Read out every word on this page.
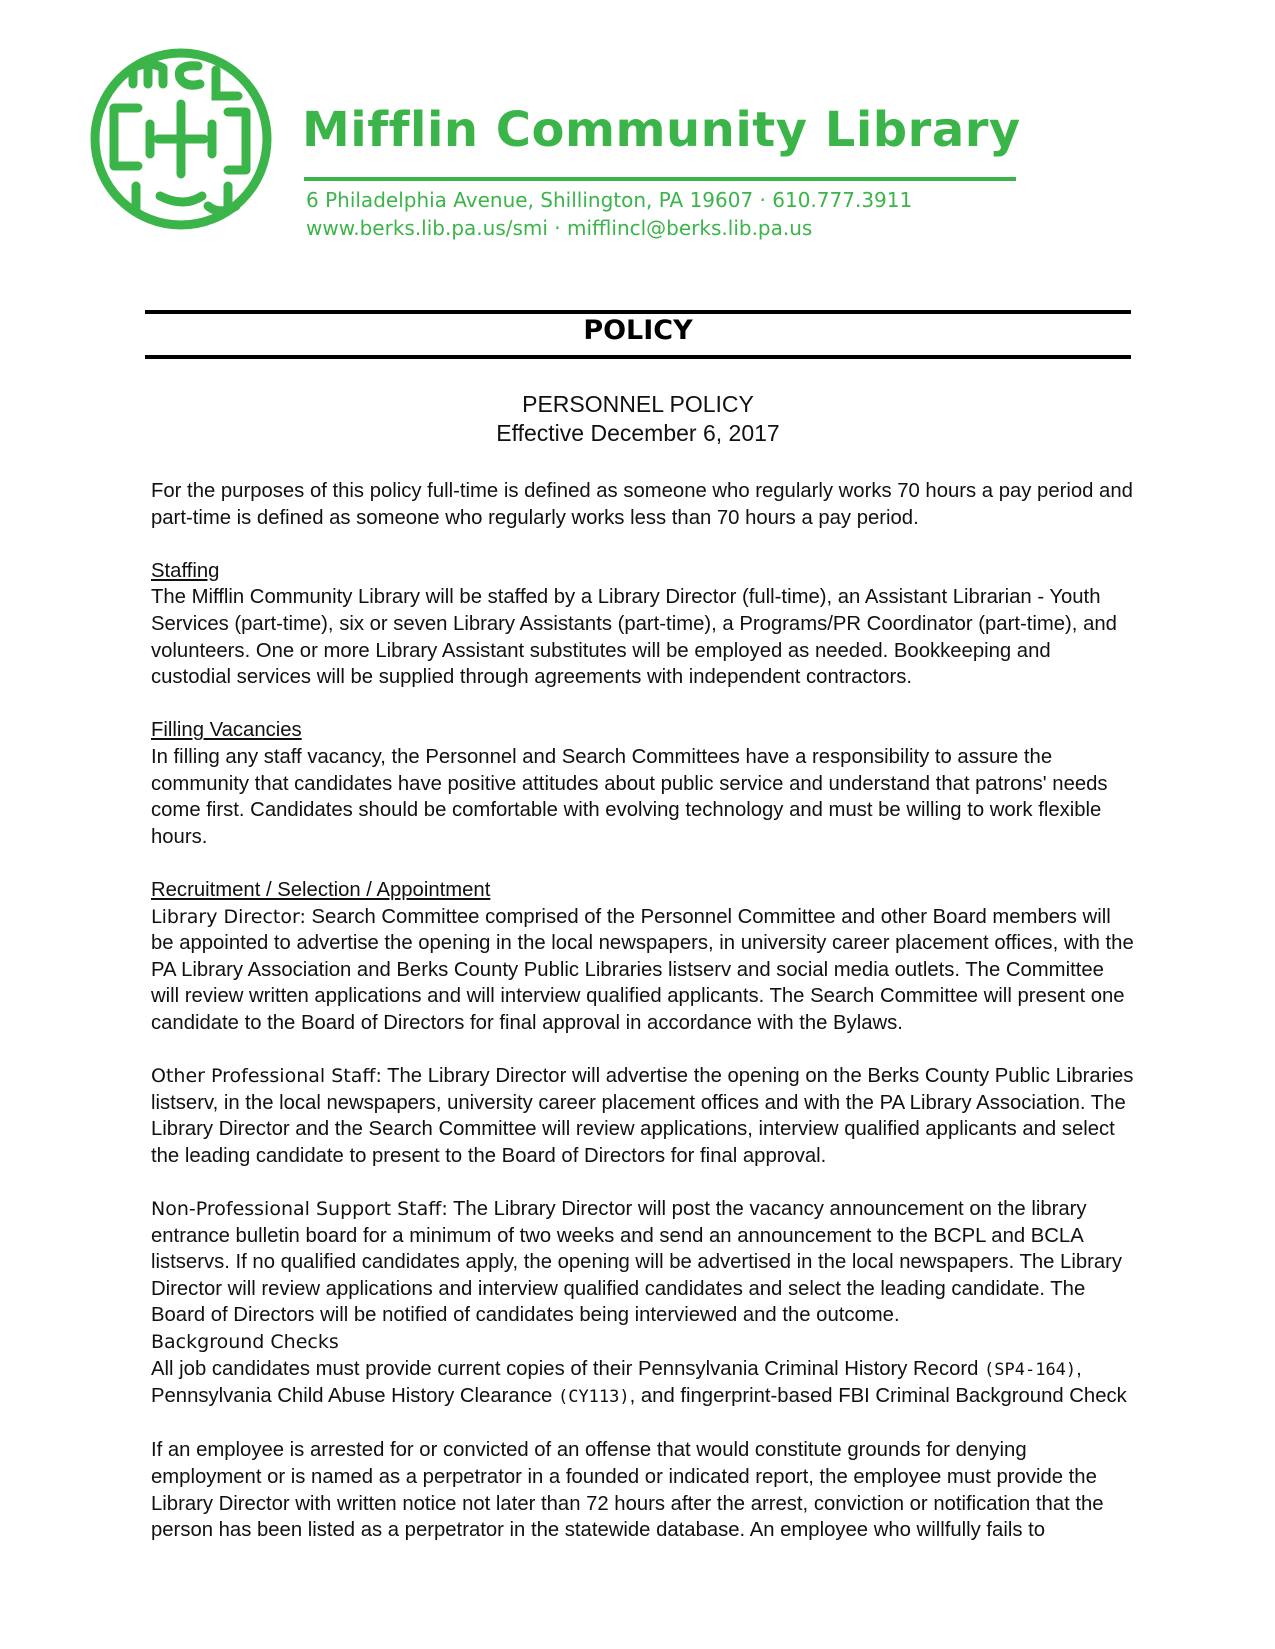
Mifflin Community Library
6 Philadelphia Avenue, Shillington, PA 19607 · 610.777.3911
www.berks.lib.pa.us/smi · mifflincl@berks.lib.pa.us
POLICY
PERSONNEL POLICY
Effective December 6, 2017

For the purposes of this policy full-time is defined as someone who regularly works 70 hours a pay period and part-time is defined as someone who regularly works less than 70 hours a pay period.

Staffing
The Mifflin Community Library will be staffed by a Library Director (full-time), an Assistant Librarian - Youth Services (part-time), six or seven Library Assistants (part-time), a Programs/PR Coordinator (part-time), and volunteers. One or more Library Assistant substitutes will be employed as needed. Bookkeeping and custodial services will be supplied through agreements with independent contractors.

Filling Vacancies
In filling any staff vacancy, the Personnel and Search Committees have a responsibility to assure the community that candidates have positive attitudes about public service and understand that patrons' needs come first. Candidates should be comfortable with evolving technology and must be willing to work flexible hours.

Recruitment / Selection / Appointment
Library Director: Search Committee comprised of the Personnel Committee and other Board members will be appointed to advertise the opening in the local newspapers, in university career placement offices, with the PA Library Association and Berks County Public Libraries listserv and social media outlets. The Committee will review written applications and will interview qualified applicants. The Search Committee will present one candidate to the Board of Directors for final approval in accordance with the Bylaws.

Other Professional Staff: The Library Director will advertise the opening on the Berks County Public Libraries listserv, in the local newspapers, university career placement offices and with the PA Library Association. The Library Director and the Search Committee will review applications, interview qualified applicants and select the leading candidate to present to the Board of Directors for final approval.

Non-Professional Support Staff: The Library Director will post the vacancy announcement on the library entrance bulletin board for a minimum of two weeks and send an announcement to the BCPL and BCLA listservs. If no qualified candidates apply, the opening will be advertised in the local newspapers. The Library Director will review applications and interview qualified candidates and select the leading candidate. The Board of Directors will be notified of candidates being interviewed and the outcome.

Background Checks
All job candidates must provide current copies of their Pennsylvania Criminal History Record (SP4-164), Pennsylvania Child Abuse History Clearance (CY113), and fingerprint-based FBI Criminal Background Check

If an employee is arrested for or convicted of an offense that would constitute grounds for denying employment or is named as a perpetrator in a founded or indicated report, the employee must provide the Library Director with written notice not later than 72 hours after the arrest, conviction or notification that the person has been listed as a perpetrator in the statewide database. An employee who willfully fails to
